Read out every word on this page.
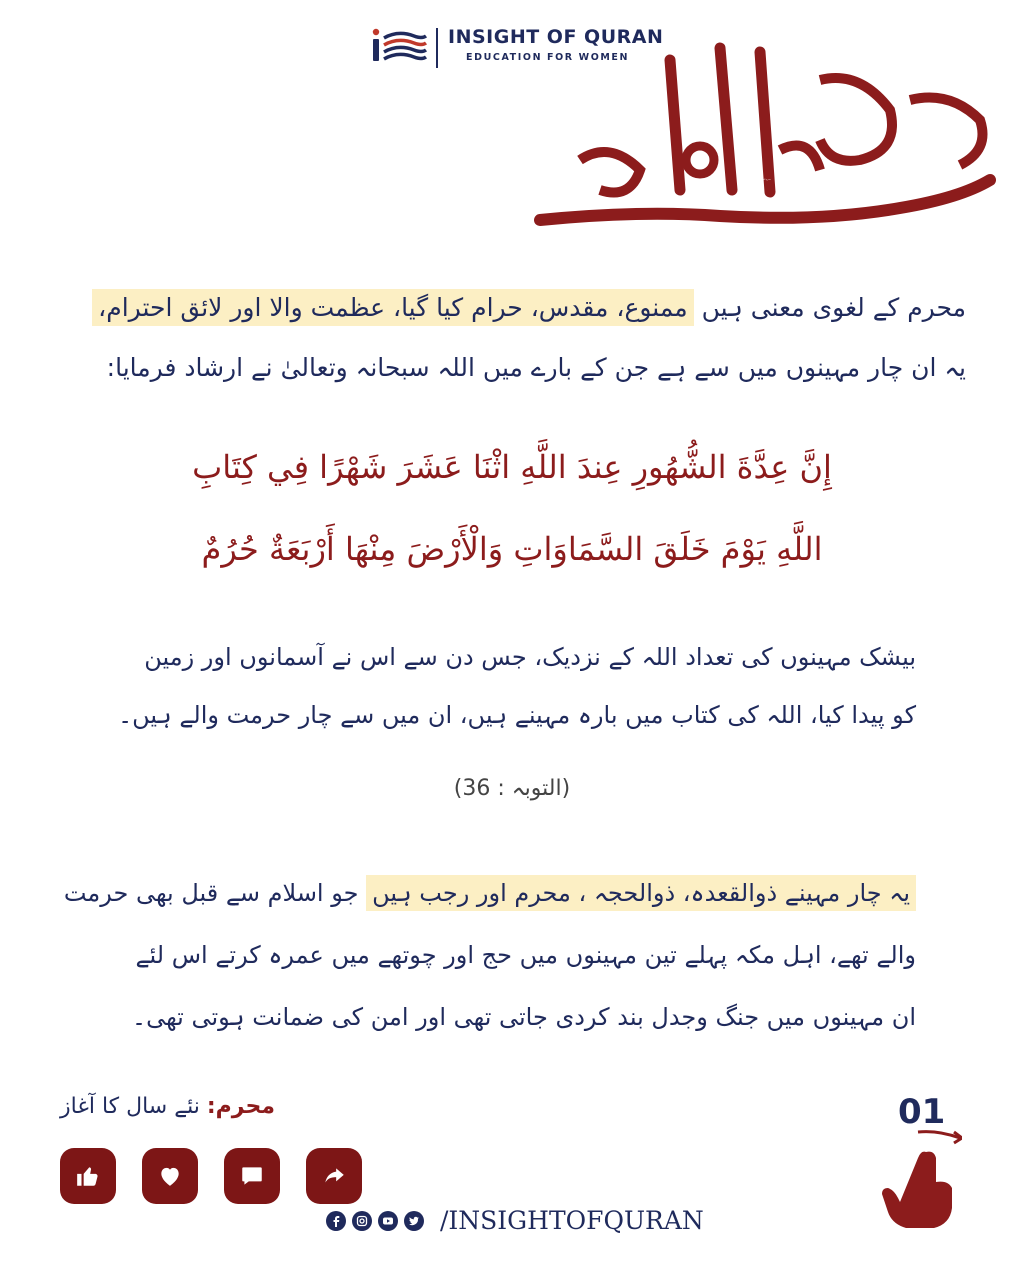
INSIGHT OF QURAN
EDUCATION FOR WOMEN
محرم الحرام
محرم کے لغوی معنی ہیں ممنوع، مقدس، حرام کیا گیا، عظمت والا اور لائق احترام،
یہ ان چار مہینوں میں سے ہے جن کے بارے میں اللہ سبحانہ وتعالیٰ نے ارشاد فرمایا:
إِنَّ عِدَّةَ الشُّهُورِ عِندَ اللَّهِ اثْنَا عَشَرَ شَهْرًا فِي كِتَابِ
اللَّهِ يَوْمَ خَلَقَ السَّمَاوَاتِ وَالْأَرْضَ مِنْهَا أَرْبَعَةٌ حُرُمٌ
بیشک مہینوں کی تعداد اللہ کے نزدیک، جس دن سے اس نے آسمانوں اور زمین
کو پیدا کیا، اللہ کی کتاب میں بارہ مہینے ہیں، ان میں سے چار حرمت والے ہیں۔
(التوبہ : 36)
یہ چار مہینے ذوالقعدہ، ذوالحجہ ، محرم اور رجب ہیں جو اسلام سے قبل بھی حرمت
والے تھے، اہل مکہ پہلے تین مہینوں میں حج اور چوتھے میں عمرہ کرتے اس لئے
ان مہینوں میں جنگ وجدل بند کردی جاتی تھی اور امن کی ضمانت ہوتی تھی۔
محرم: نئے سال کا آغاز	01
/INSIGHTOFQURAN
